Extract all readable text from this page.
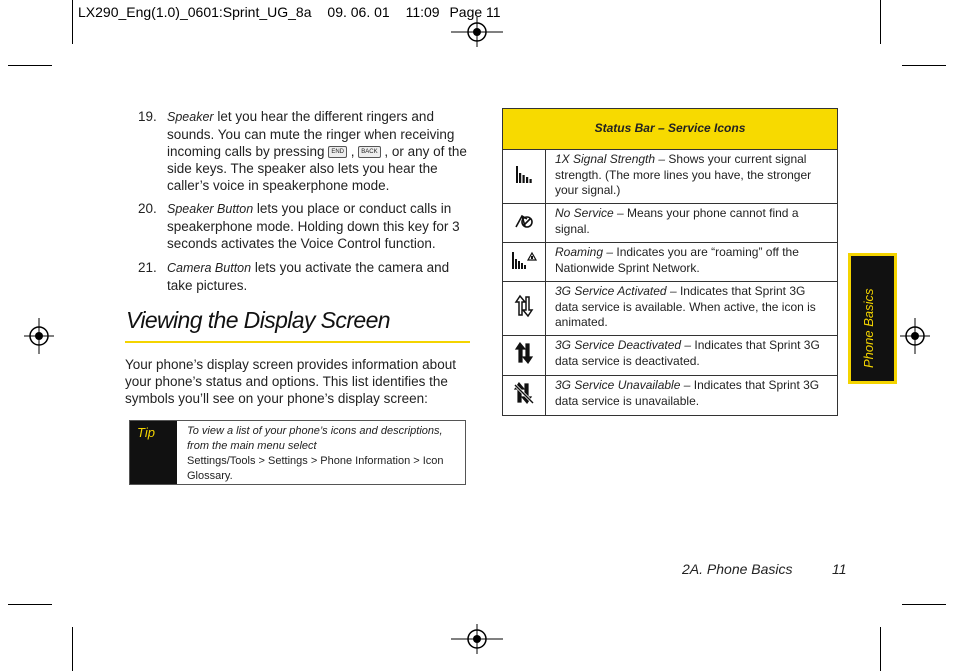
LX290_Eng(1.0)_0601:Sprint_UG_8a 09. 06. 01 11:09 Page 11
19. Speaker let you hear the different ringers and sounds. You can mute the ringer when receiving incoming calls by pressing END , BACK , or any of the side keys. The speaker also lets you hear the caller’s voice in speakerphone mode.
20. Speaker Button lets you place or conduct calls in speakerphone mode. Holding down this key for 3 seconds activates the Voice Control function.
21. Camera Button lets you activate the camera and take pictures.
Viewing the Display Screen
Your phone’s display screen provides information about your phone’s status and options. This list identifies the symbols you’ll see on your phone’s display screen:
Tip	To view a list of your phone’s icons and descriptions, from the main menu select
Settings/Tools > Settings > Phone Information > Icon Glossary.
Status Bar – Service Icons	
	1X Signal Strength – Shows your current signal strength. (The more lines you have, the stronger your signal.)
	No Service – Means your phone cannot find a signal.
	Roaming – Indicates you are “roaming” off the Nationwide Sprint Network.
	3G Service Activated – Indicates that Sprint 3G data service is available. When active, the icon is animated.
	3G Service Deactivated – Indicates that Sprint 3G data service is deactivated.
	3G Service Unavailable – Indicates that Sprint 3G data service is unavailable.
Phone Basics
2A. Phone Basics	11
